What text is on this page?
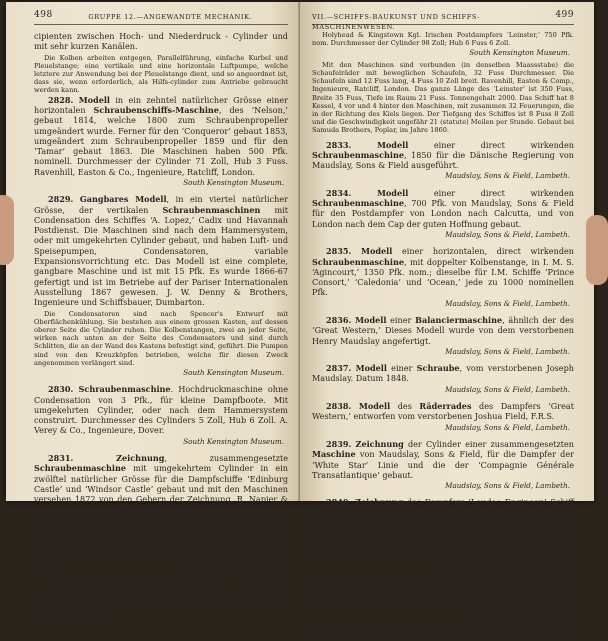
498	GRUPPE 12.—ANGEWANDTE MECHANIK.

cipienten zwischen Hoch- und Niederdruck - Cylinder und mit sehr kurzen Kanälen.

Die Kolben arbeiten entgegen, Parallelführung, einfache Kurbel und Pleuelstange; eine vertikale und eine horizontale Luftpumpe, welche letztere zur Anwendung bei der Pleuelstange dient, und so angeordnet ist, dass sie, wenn erforderlich, als Hilfs-cylinder zum Antriebe gebraucht werden kann.

2828. Modell in ein zehntel natürlicher Grösse einer horizontalen Schraubenschiffs-Maschine, des ‘Nelson,’ gebaut 1814, welche 1800 zum Schraubenpropeller umgeändert wurde. Ferner für den ‘Conqueror’ gebaut 1853, umgeändert zum Schraubenpropeller 1859 und für den ‘Tamar’ gebaut 1863. Die Maschinen haben 500 Pfk. nominell. Durchmesser der Cylinder 71 Zoll, Hub 3 Fuss. Ravenhill, Easton & Co., Ingenieure, Ratcliff, London.

South Kensington Museum.

2829. Gangbares Modell, in ein viertel natürlicher Grösse, der vertikalen Schraubenmaschinen mit Condensation des Schiffes ‘A. Lopez,’ Cadix und Havannah Postdienst. Die Maschinen sind nach dem Hammersystem, oder mit umgekehrten Cylinder gebaut, und haben Luft- und Speisepumpen, Condensatoren, variable Expansionsvorrichtung etc. Das Modell ist eine complete, gangbare Maschine und ist mit 15 Pfk. Es wurde 1866-67 gefertigt und ist im Betriebe auf der Pariser Internationalen Ausstellung 1867 gewesen. J. W. Denny & Brothers, Ingenieure und Schiffsbauer, Dumbarton.

Die Condensatoren sind nach Spencer's Entwurf mit Oberflächenkühlung. Sie bestehen aus einem grossen Kasten, auf dessen oberer Seite die Cylinder ruhen. Die Kolbenstangen, zwei an jeder Seite, wirken nach unten an der Seite des Condensators und sind durch Schlitten, die an der Wand des Kastens befestigt sind, geführt. Die Pumpen sind von den Kreuzköpfen betrieben, welche für diesen Zweck angenommen verlängert sind.

South Kensington Museum.

2830. Schraubenmaschine. Hochdruckmaschine ohne Condensation von 3 Pfk., für kleine Dampfboote. Mit umgekehrten Cylinder, oder nach dem Hammersystem construirt. Durchmesser des Cylinders 5 Zoll, Hub 6 Zoll. A. Verey & Co., Ingenieure, Dover.

South Kensington Museum.

2831.	Zeichnung, zusammengesetzte Schraubenmaschine mit umgekehrtem Cylinder in ein zwölftel natürlicher Grösse für die Dampfschiffe ‘Edinburg Castle’ und ‘Windsor Castle’ gebaut und mit den Maschinen versehen 1872 von den Gebern der Zeichnung, R. Napier & Sons, Ingenieure, Glasgow.

Die Maschinen haben 250 Pfk. nominell, Oberflächen-Condensatoren, Luft- und Speise-Pumpen, Umsteuerung etc. Durchmesser des Hochdruck-Cylinders 44 Zoll. Durchmesser des Niederdruck-Cylinders 18 Zoll. Hub 3 Fuss 6 Zoll. Der Dampfschiffe gehören zur Postlinie der Herren Donald Currie & Comp. und gehen zwischen London und dem Cap der guten Hoffnung.

South Kensington Museum.

2832. Modell in ein achtel natürlicher Grösse der Räderdampfmaschine, mit oscillirenden Cylindern und Condensation des

VII.—SCHIFFS-BAUKUNST UND SCHIFFS-MASCHINENWESEN.
499

Holyhead & Kingstown Kgl. Irischen Postdampfers ‘Leinster,’ 750 Pfk. nom. Durchmesser der Cylinder 98 Zoll; Hub 6 Fuss 6 Zoll.

South Kensington Museum.

Mit den Maschinen sind verbunden (in denselben Maassstabe) die Schaufelräder mit beweglichen Schaufeln, 32 Fuss Durchmesser. Die Schaufeln sind 12 Fuss lang, 4 Fuss 10 Zoll breit. Ravenhill, Easton & Comp., Ingenieure, Ratcliff, London. Das ganze Länge des ‘Leinster’ ist 350 Fuss, Breite 35 Fuss, Tiefe im Raum 21 Fuss. Tonnengehalt 2000. Das Schiff hat 8 Kessel, 4 vor und 4 hinter den Maschinen, mit zusammen 32 Feuerungen, die in der Richtung des Kiels liegen. Der Tiefgang des Schiffes ist 8 Fuss 8 Zoll und die Geschwindigkeit ungefähr 21 (statute) Meilen per Stunde. Gebaut bei Samuda Brothers, Poplar, im Jahre 1860.

2833.	Modell einer direct wirkenden Schraubenmaschine, 1850 für die Dänische Regierung von Maudslay, Sons & Field ausgeführt.

Maudslay, Sons & Field, Lambeth.

2834.	Modell einer direct wirkenden Schraubenmaschine, 700 Pfk. von Maudslay, Sons & Field für den Postdampfer von London nach Calcutta, und von London nach dem Cap der guten Hoffnung gebaut.

Maudslay, Sons & Field, Lambeth.

2835. Modell einer horizontalen, direct wirkenden Schraubenmaschine, mit doppelter Kolbenstange, in I. M. S. ‘Agincourt,’ 1350 Pfk. nom.; dieselbe für I.M. Schiffe ‘Prince Consort,’ ‘Caledonia’ und ‘Ocean,’ jede zu 1000 nominellen Pfk.

Maudslay, Sons & Field, Lambeth.

2836. Modell einer Balanciermaschine, ähnlich der des ‘Great Western,’ Dieses Modell wurde von dem verstorbenen Henry Maudslay angefertigt.

Maudslay, Sons & Field, Lambeth.

2837. Modell einer Schraube, vom verstorbenen Joseph Maudslay. Datum 1848.

Maudslay, Sons & Field, Lambeth.

2838. Modell des Räderrades des Dampfers ‘Great Western,’ entworfen vom verstorbenen Joshua Field, F.R.S.

Maudslay, Sons & Field, Lambeth.

2839. Zeichnung der Cylinder einer zusammengesetzten Maschine von Maudslay, Sons & Field, für die Dampfer der ‘White Star’ Linie und die der ‘Compagnie Générale Transatlantique’ gebaut.

Maudslay, Sons & Field, Lambeth.

2840. Zeichnung des Dampfers ‘Loudoo Engineer,’ Schiff von 70 Pfk. mit Centralrad und luftdichtem Radkasten. Derselbe sollte 1818 nach Margate fahren. Indessen gelang der Versuch nicht in Folge der Schwierigkeit eine genügende Luftmenge dem Radkasten zuzuführen um den Wasserspiegel unter zu halten.

Maudslay, Sons & Field, Lambeth.

2841. Modell der Maschine des Räderdampfes ‘Helen McGregor’ von Liverpool. Entworfen 1843 von G. Forrester & Co., Ingenieure, G. Forrester & Co., Liverpool.

South Kensington Museum.

Diese Maschine hat zwei Cylinder, die an eine Kurbel angreifen, mit grossem Hub.
